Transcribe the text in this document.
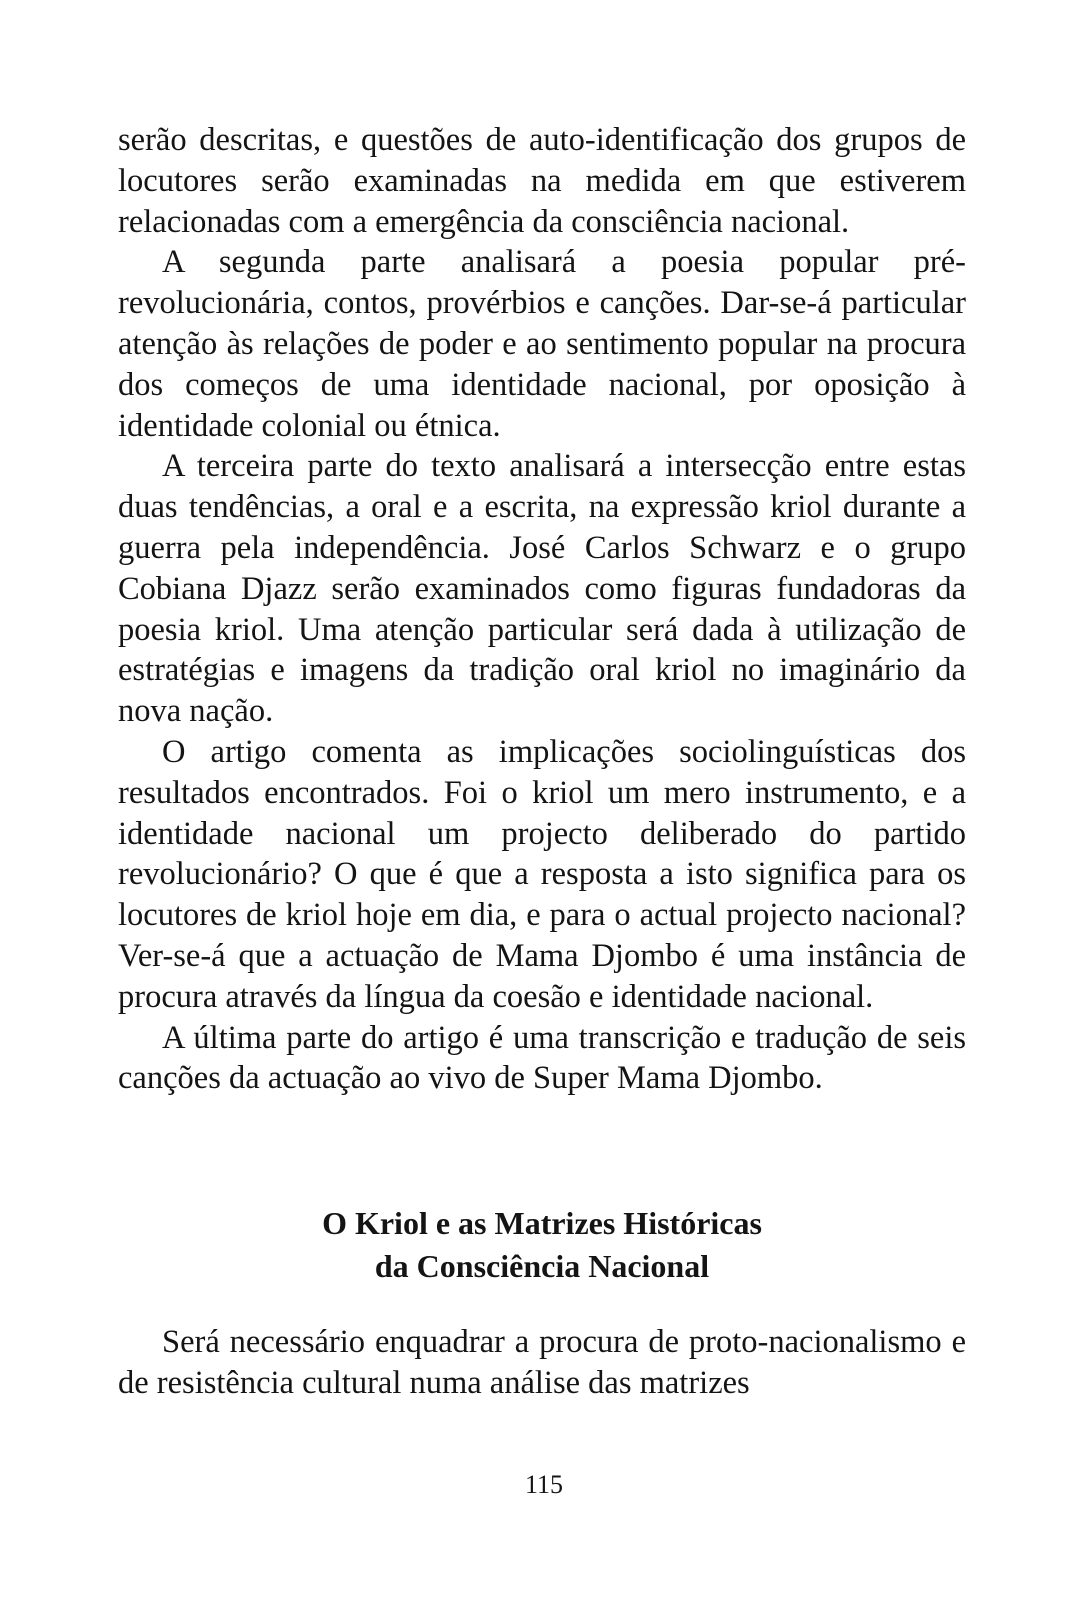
serão descritas, e questões de auto-identificação dos grupos de locutores serão examinadas na medida em que estiverem relacionadas com a emergência da consciência nacional.

A segunda parte analisará a poesia popular pré-revolucionária, contos, provérbios e canções. Dar-se-á particular atenção às relações de poder e ao sentimento popular na procura dos começos de uma identidade nacional, por oposição à identidade colonial ou étnica.

A terceira parte do texto analisará a intersecção entre estas duas tendências, a oral e a escrita, na expressão kriol durante a guerra pela independência. José Carlos Schwarz e o grupo Cobiana Djazz serão examinados como figuras fundadoras da poesia kriol. Uma atenção particular será dada à utilização de estratégias e imagens da tradição oral kriol no imaginário da nova nação.

O artigo comenta as implicações sociolinguísticas dos resultados encontrados. Foi o kriol um mero instrumento, e a identidade nacional um projecto deliberado do partido revolucionário? O que é que a resposta a isto significa para os locutores de kriol hoje em dia, e para o actual projecto nacional? Ver-se-á que a actuação de Mama Djombo é uma instância de procura através da língua da coesão e identidade nacional.

A última parte do artigo é uma transcrição e tradução de seis canções da actuação ao vivo de Super Mama Djombo.

O Kriol e as Matrizes Históricas
da Consciência Nacional

Será necessário enquadrar a procura de proto-nacionalismo e de resistência cultural numa análise das matrizes

115
